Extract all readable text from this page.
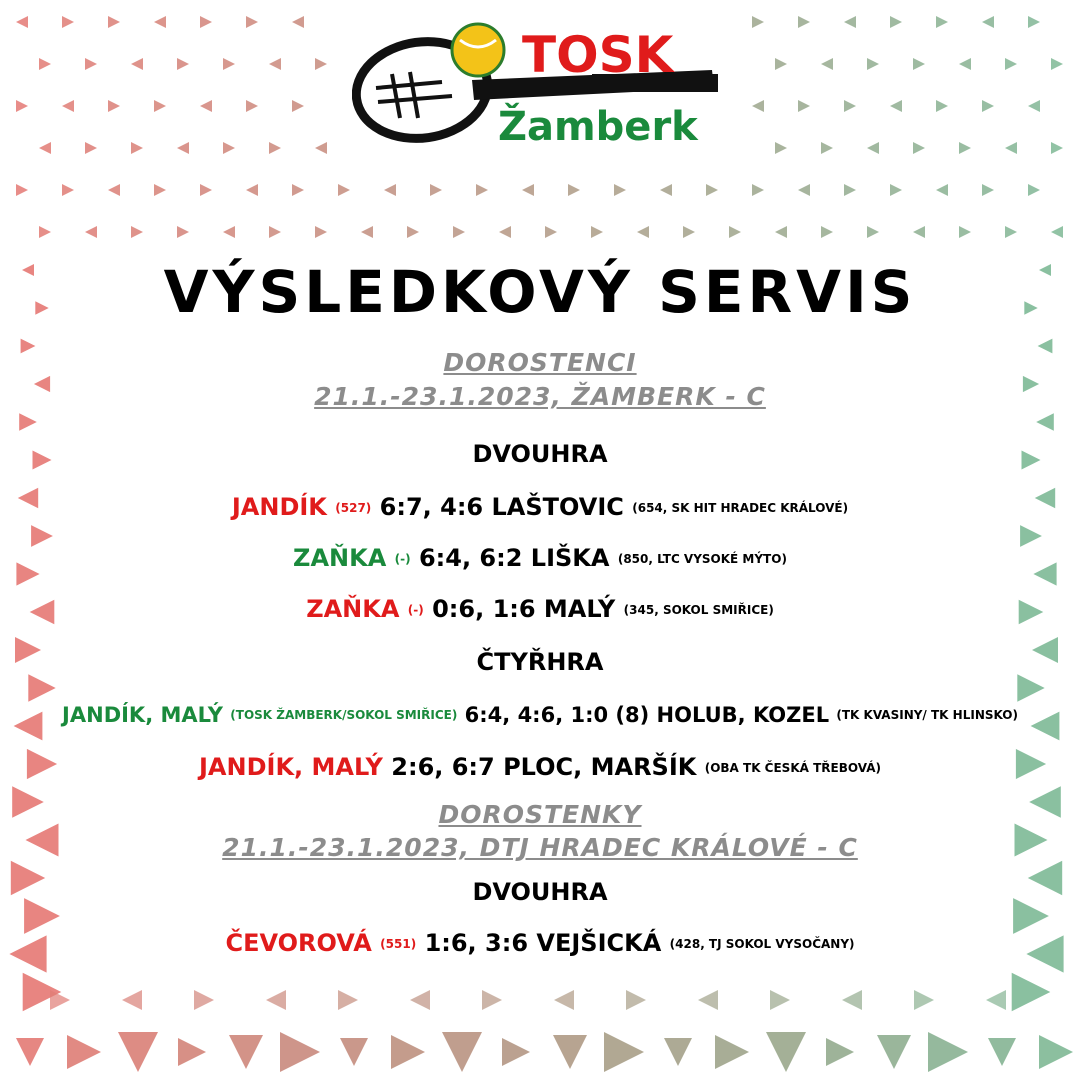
TOSK
Žamberk
VÝSLEDKOVÝ SERVIS
DOROSTENCI
21.1.-23.1.2023, ŽAMBERK - C
DVOUHRA
JANDÍK (527) 6:7, 4:6 LAŠTOVIC (654, SK HIT HRADEC KRÁLOVÉ)
ZAŇKA (-) 6:4, 6:2 LIŠKA (850, LTC VYSOKÉ MÝTO)
ZAŇKA (-) 0:6, 1:6 MALÝ (345, SOKOL SMIŘICE)
ČTYŘHRA
JANDÍK, MALÝ (TOSK ŽAMBERK/SOKOL SMIŘICE) 6:4, 4:6, 1:0 (8) HOLUB, KOZEL (TK KVASINY/ TK HLINSKO)
JANDÍK, MALÝ 2:6, 6:7 PLOC, MARŠÍK (OBA TK ČESKÁ TŘEBOVÁ)
DOROSTENKY
21.1.-23.1.2023, DTJ HRADEC KRÁLOVÉ - C
DVOUHRA
ČEVOROVÁ (551) 1:6, 3:6 VEJŠICKÁ (428, TJ SOKOL VYSOČANY)
